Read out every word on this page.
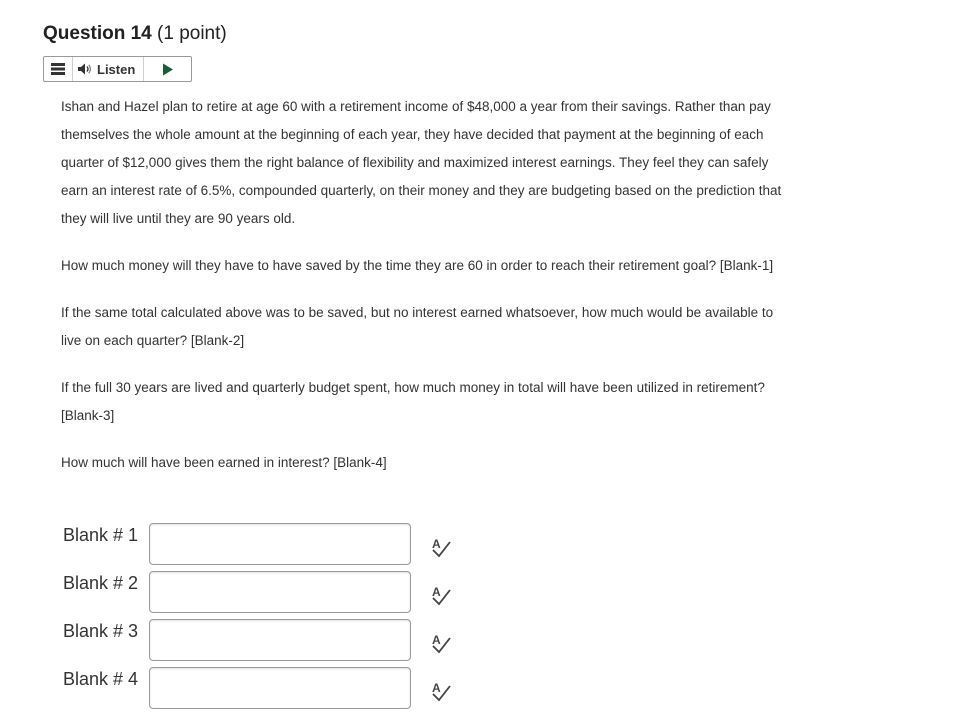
Question 14 (1 point)
Listen

Ishan and Hazel plan to retire at age 60 with a retirement income of $48,000 a year from their savings. Rather than pay themselves the whole amount at the beginning of each year, they have decided that payment at the beginning of each quarter of $12,000 gives them the right balance of flexibility and maximized interest earnings. They feel they can safely earn an interest rate of 6.5%, compounded quarterly, on their money and they are budgeting based on the prediction that they will live until they are 90 years old.

How much money will they have to have saved by the time they are 60 in order to reach their retirement goal? [Blank-1]

If the same total calculated above was to be saved, but no interest earned whatsoever, how much would be available to live on each quarter? [Blank-2]

If the full 30 years are lived and quarterly budget spent, how much money in total will have been utilized in retirement? [Blank-3]

How much will have been earned in interest? [Blank-4]

Blank # 1	A
Blank # 2	A
Blank # 3	A
Blank # 4	A
